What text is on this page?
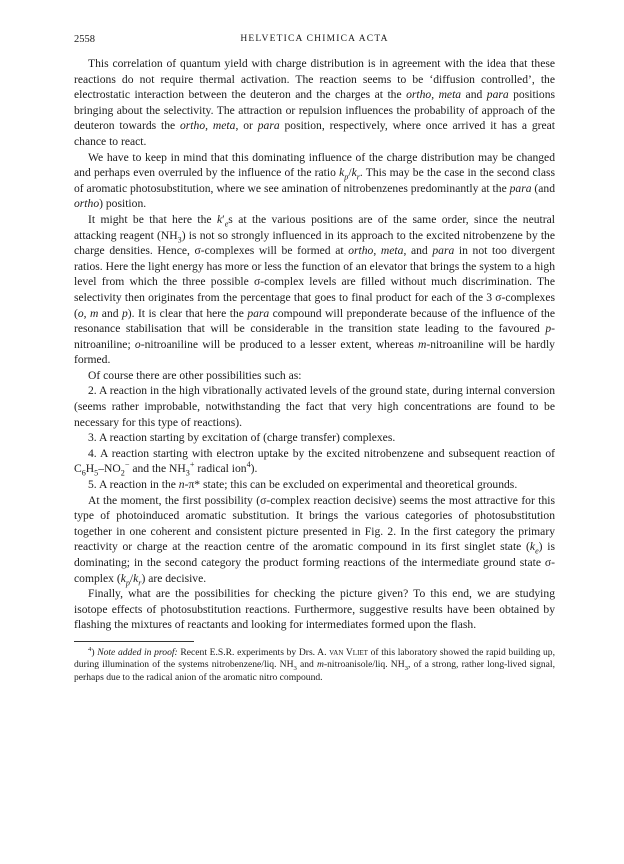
2558	HELVETICA CHIMICA ACTA

This correlation of quantum yield with charge distribution is in agreement with the idea that these reactions do not require thermal activation. The reaction seems to be ‘diffusion controlled’, the electrostatic interaction between the deuteron and the charges at the ortho, meta and para positions bringing about the selectivity. The attraction or repulsion influences the probability of approach of the deuteron towards the ortho, meta, or para position, respectively, where once arrived it has a great chance to react.

We have to keep in mind that this dominating influence of the charge distribution may be changed and perhaps even overruled by the influence of the ratio $k_p/k_r$. This may be the case in the second class of aromatic photosubstitution, where we see amination of nitrobenzenes predominantly at the para (and ortho) position.

It might be that here the $k'_es$ at the various positions are of the same order, since the neutral attacking reagent $(NH_3)$ is not so strongly influenced in its approach to the excited nitrobenzene by the charge densities. Hence, σ-complexes will be formed at ortho, meta, and para in not too divergent ratios. Here the light energy has more or less the function of an elevator that brings the system to a high level from which the three possible σ-complex levels are filled without much discrimination. The selectivity then originates from the percentage that goes to final product for each of the 3 σ-complexes (o, m and p). It is clear that here the para compound will preponderate because of the influence of the resonance stabilisation that will be considerable in the transition state leading to the favoured p-nitroaniline; o-nitroaniline will be produced to a lesser extent, whereas m-nitroaniline will be hardly formed.

Of course there are other possibilities such as:

2. A reaction in the high vibrationally activated levels of the ground state, during internal conversion (seems rather improbable, notwithstanding the fact that very high concentrations are found to be necessary for this type of reactions).

3. A reaction starting by excitation of (charge transfer) complexes.

4. A reaction starting with electron uptake by the excited nitrobenzene and subsequent reaction of $C_6H_5-NO_2^-$ and the $NH_3^+$ radical ion$^4$).

5. A reaction in the n-π* state; this can be excluded on experimental and theoretical grounds.

At the moment, the first possibility (σ-complex reaction decisive) seems the most attractive for this type of photoinduced aromatic substitution. It brings the various categories of photosubstitution together in one coherent and consistent picture presented in Fig. 2. In the first category the primary reactivity or charge at the reaction centre of the aromatic compound in its first singlet state $(k_e)$ is dominating; in the second category the product forming reactions of the intermediate ground state σ-complex $(k_p/k_r)$ are decisive.

Finally, what are the possibilities for checking the picture given? To this end, we are studying isotope effects of photosubstitution reactions. Furthermore, suggestive results have been obtained by flashing the mixtures of reactants and looking for intermediates formed upon the flash.

$^4$) Note added in proof: Recent E.S.R. experiments by Drs. A. van Vliet of this laboratory showed the rapid building up, during illumination of the systems nitrobenzene/liq. $NH_3$ and m-nitroanisole/liq. $NH_3$, of a strong, rather long-lived signal, perhaps due to the radical anion of the aromatic nitro compound.
